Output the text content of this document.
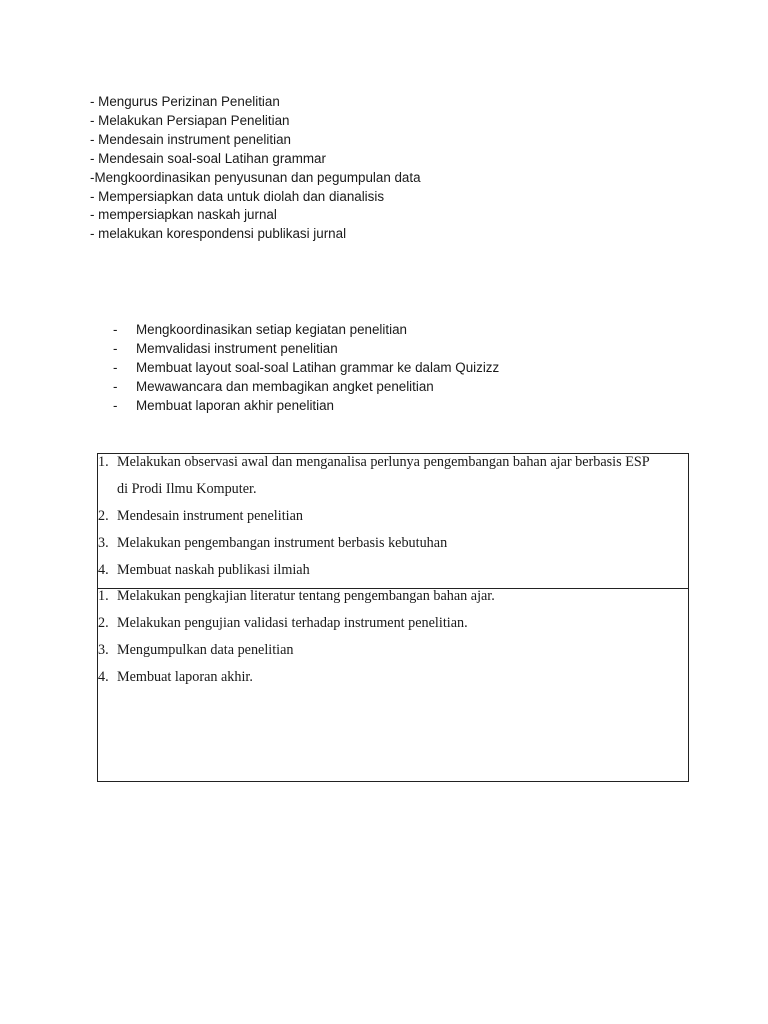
- Mengurus Perizinan Penelitian
- Melakukan Persiapan Penelitian
- Mendesain instrument penelitian
- Mendesain soal-soal Latihan grammar
-Mengkoordinasikan penyusunan dan pegumpulan data
- Mempersiapkan data untuk diolah dan dianalisis
- mempersiapkan naskah jurnal
- melakukan korespondensi publikasi jurnal
- Mengkoordinasikan setiap kegiatan penelitian
- Memvalidasi instrument penelitian
- Membuat layout soal-soal Latihan grammar ke dalam Quizizz
- Mewawancara dan membagikan angket penelitian
- Membuat laporan akhir penelitian
1. Melakukan observasi awal dan menganalisa perlunya pengembangan bahan ajar berbasis ESP
di Prodi Ilmu Komputer.
2. Mendesain instrument penelitian
3. Melakukan pengembangan instrument berbasis kebutuhan
4. Membuat naskah publikasi ilmiah
1. Melakukan pengkajian literatur tentang pengembangan bahan ajar.
2. Melakukan pengujian validasi terhadap instrument penelitian.
3. Mengumpulkan data penelitian
4. Membuat laporan akhir.
